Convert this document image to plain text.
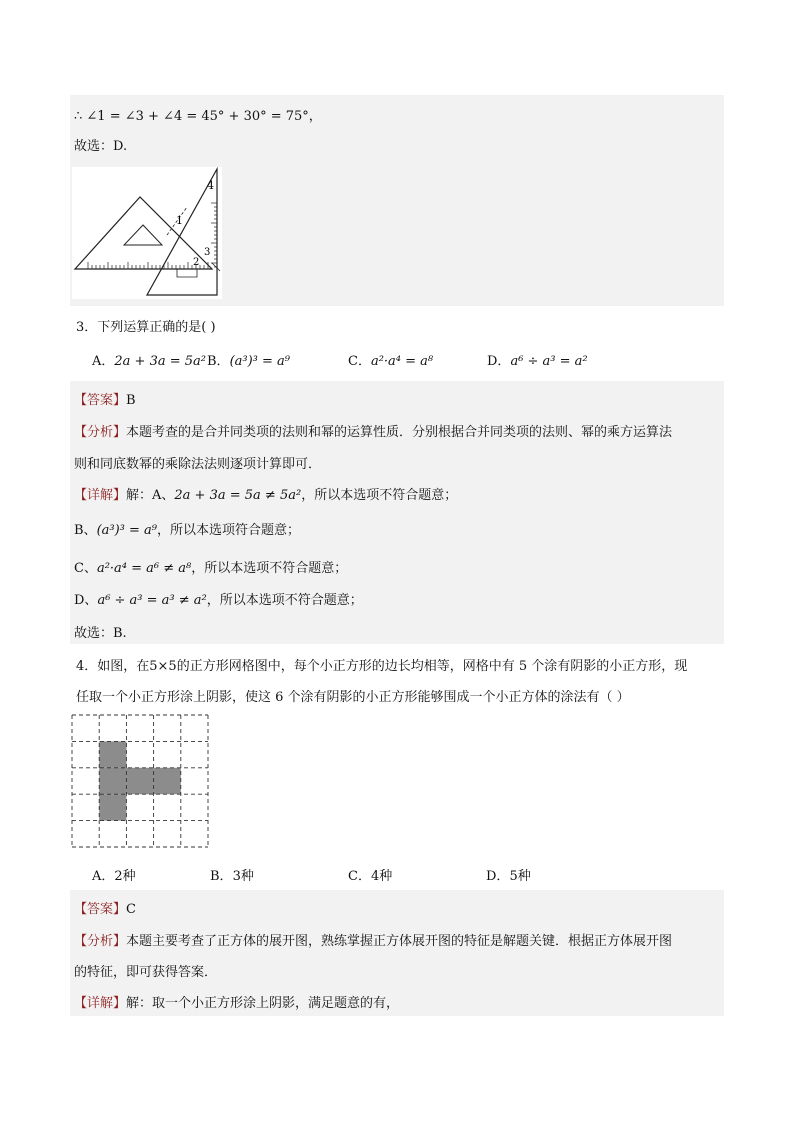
∴ ∠1 = ∠3 + ∠4 = 45° + 30° = 75°，
故选：D.
4
1
2
3
3．下列运算正确的是( )
A．2a + 3a = 5a² B．(a³)³ = a⁹	C．a²·a⁴ = a⁸	D．a⁶ ÷ a³ = a²
【答案】B
【分析】本题考查的是合并同类项的法则和幂的运算性质．分别根据合并同类项的法则、幂的乘方运算法
则和同底数幂的乘除法法则逐项计算即可．
【详解】解：A、2a + 3a = 5a ≠ 5a²，所以本选项不符合题意；
B、(a³)³ = a⁹，所以本选项符合题意；
C、a²·a⁴ = a⁶ ≠ a⁸，所以本选项不符合题意；
D、a⁶ ÷ a³ = a³ ≠ a²，所以本选项不符合题意；
故选：B.
4．如图，在5×5的正方形网格图中，每个小正方形的边长均相等，网格中有 5 个涂有阴影的小正方形，现
任取一个小正方形涂上阴影，使这 6 个涂有阴影的小正方形能够围成一个小正方体的涂法有（ ）
A．2种	B．3种	C．4种	D．5种
【答案】C
【分析】本题主要考查了正方体的展开图，熟练掌握正方体展开图的特征是解题关键．根据正方体展开图
的特征，即可获得答案．
【详解】解：取一个小正方形涂上阴影，满足题意的有，
